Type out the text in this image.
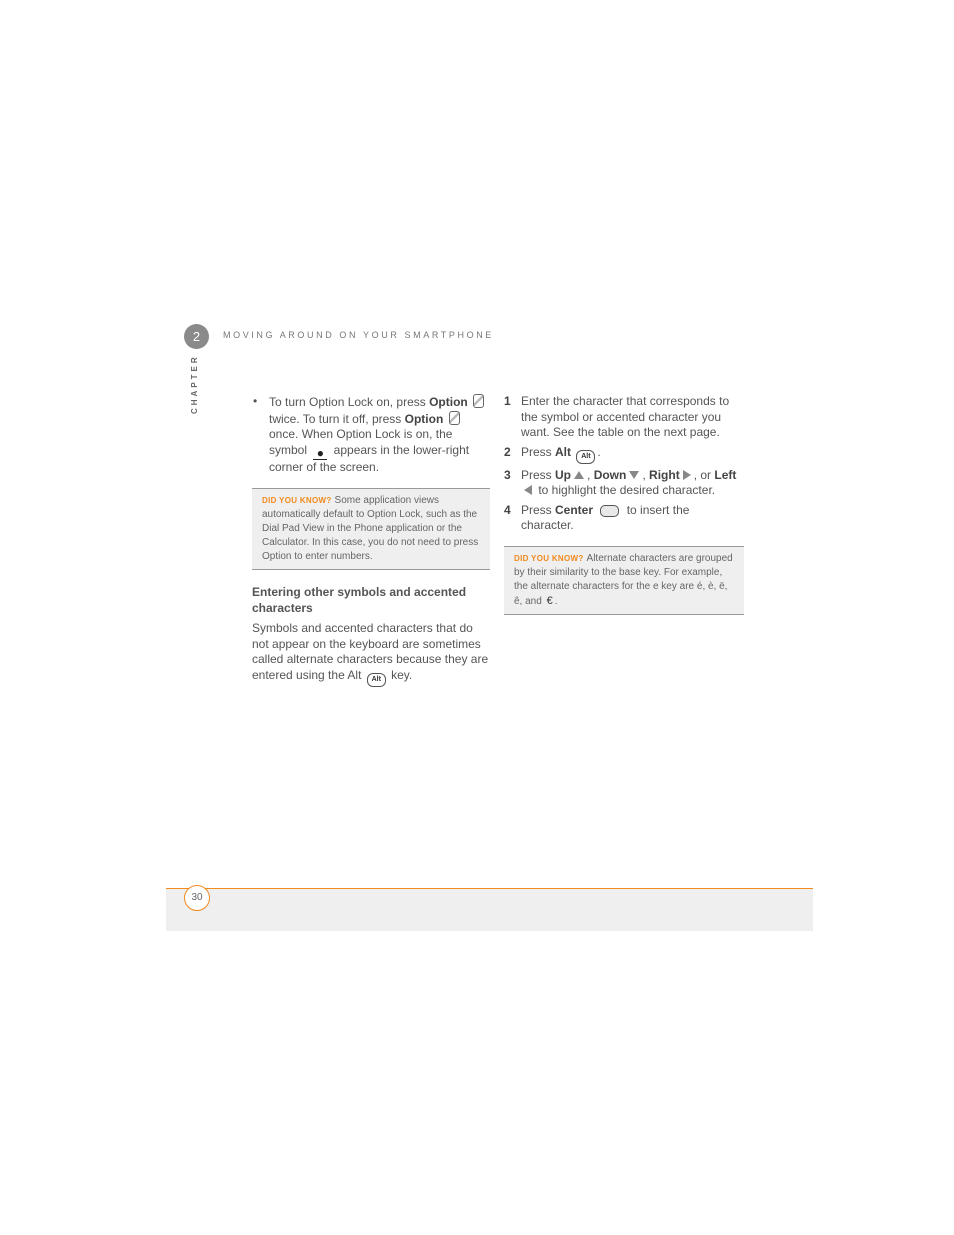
2	MOVING AROUND ON YOUR SMARTPHONE
CHAPTER	• To turn Option Lock on, press Option  twice. To turn it off, press Option  once. When Option Lock is on, the symbol ● appears in the lower-right corner of the screen.
DID YOU KNOW? Some application views automatically default to Option Lock, such as the Dial Pad View in the Phone application or the Calculator. In this case, you do not need to press Option to enter numbers.
Entering other symbols and accented characters
Symbols and accented characters that do not appear on the keyboard are sometimes called alternate characters because they are entered using the Alt Alt key.
1 Enter the character that corresponds to the symbol or accented character you want. See the table on the next page.
2 Press Alt Alt .
3 Press Up , Down , Right , or Left to highlight the desired character.
4 Press Center	to insert the character.
DID YOU KNOW? Alternate characters are grouped by their similarity to the base key. For example, the alternate characters for the e key are é, è, ë, ê, and € .
30
